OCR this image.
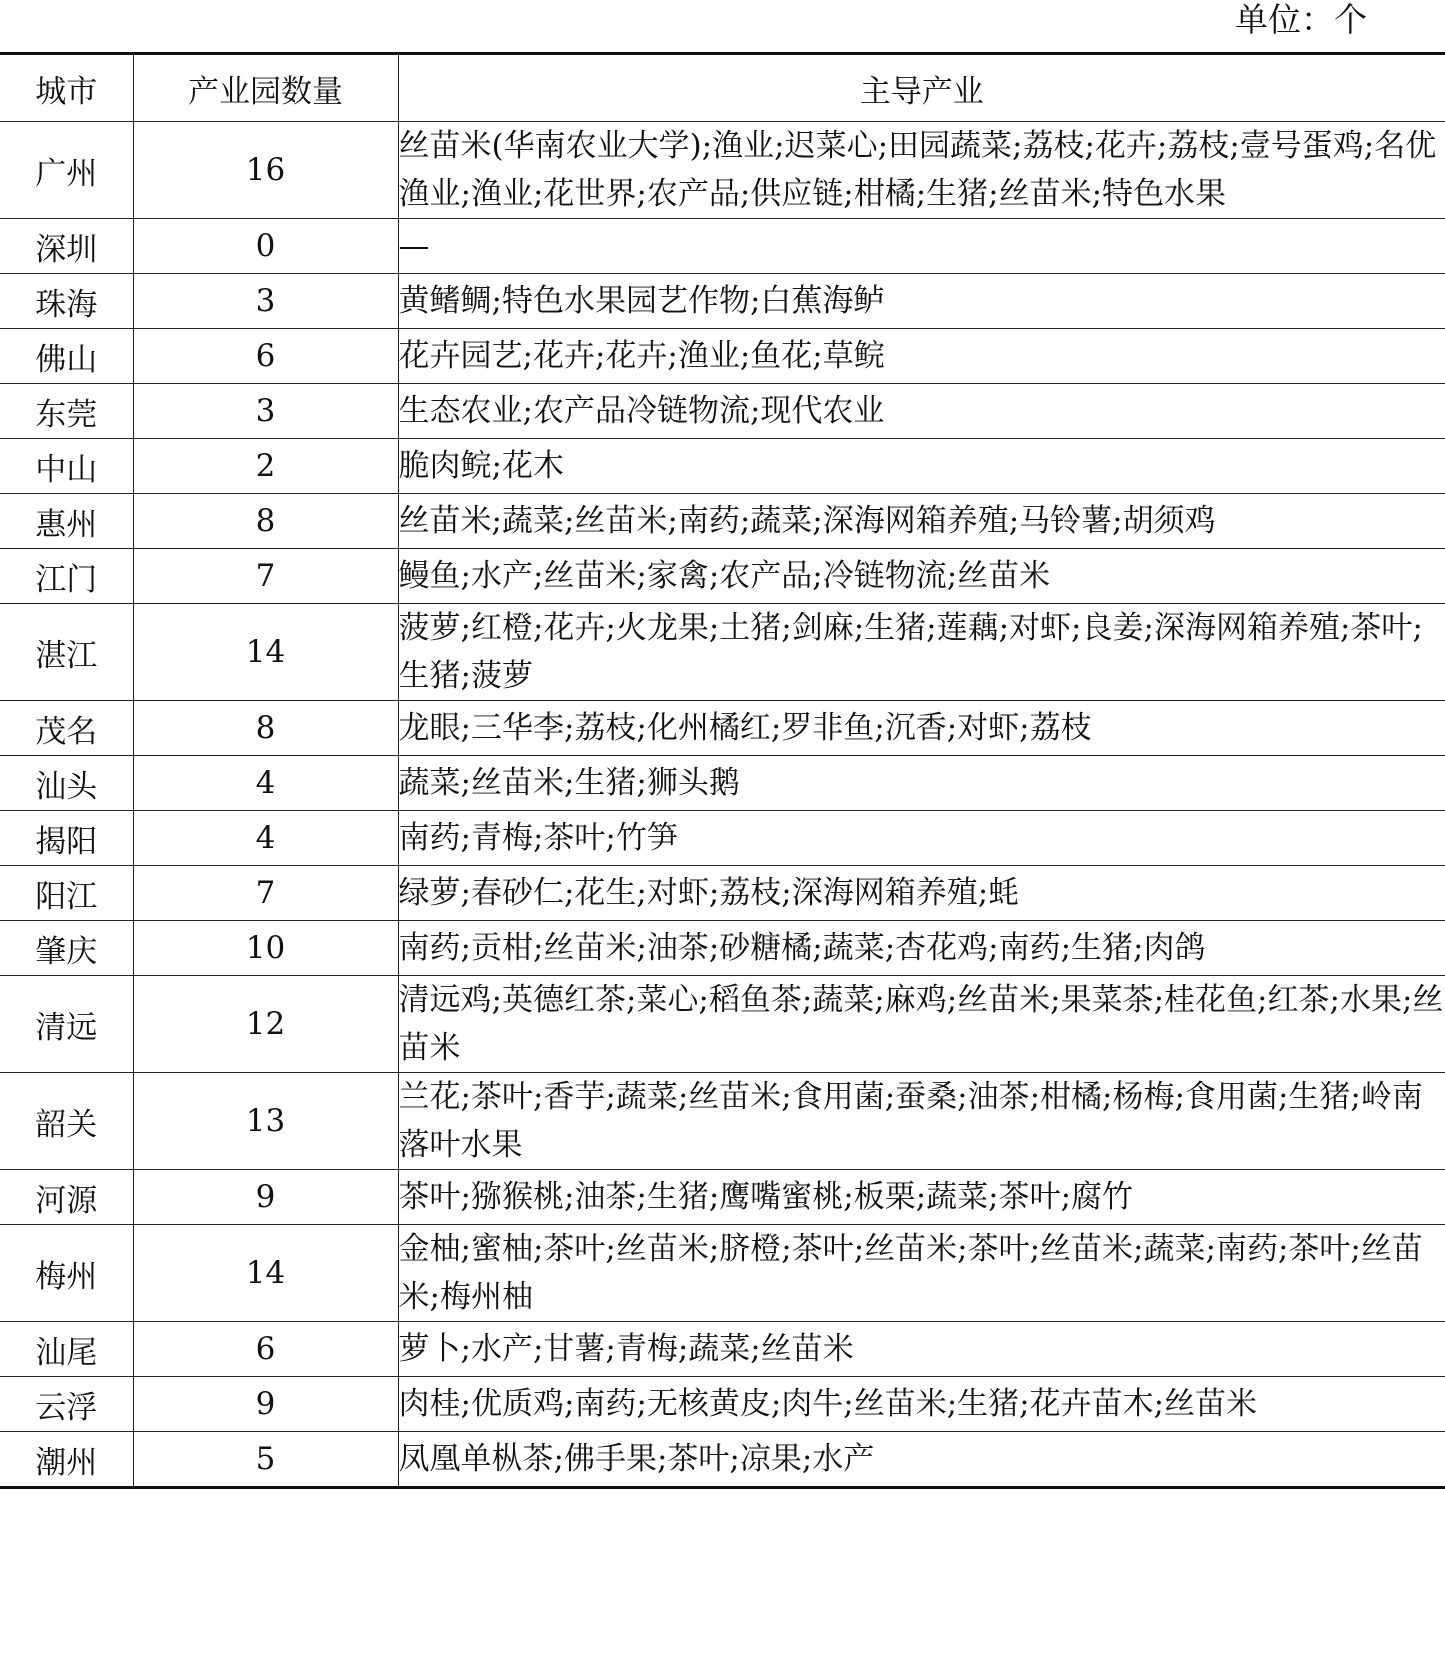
单位：个
城市	产业园数量	主导产业
广州	16	丝苗米(华南农业大学);渔业;迟菜心;田园蔬菜;荔枝;花卉;荔枝;壹号蛋鸡;名优渔业;渔业;花世界;农产品;供应链;柑橘;生猪;丝苗米;特色水果
深圳	0	—
珠海	3	黄鳍鲷;特色水果园艺作物;白蕉海鲈
佛山	6	花卉园艺;花卉;花卉;渔业;鱼花;草鲩
东莞	3	生态农业;农产品冷链物流;现代农业
中山	2	脆肉鲩;花木
惠州	8	丝苗米;蔬菜;丝苗米;南药;蔬菜;深海网箱养殖;马铃薯;胡须鸡
江门	7	鳗鱼;水产;丝苗米;家禽;农产品;冷链物流;丝苗米
湛江	14	菠萝;红橙;花卉;火龙果;土猪;剑麻;生猪;莲藕;对虾;良姜;深海网箱养殖;茶叶;生猪;菠萝
茂名	8	龙眼;三华李;荔枝;化州橘红;罗非鱼;沉香;对虾;荔枝
汕头	4	蔬菜;丝苗米;生猪;狮头鹅
揭阳	4	南药;青梅;茶叶;竹笋
阳江	7	绿萝;春砂仁;花生;对虾;荔枝;深海网箱养殖;蚝
肇庆	10	南药;贡柑;丝苗米;油茶;砂糖橘;蔬菜;杏花鸡;南药;生猪;肉鸽
清远	12	清远鸡;英德红茶;菜心;稻鱼茶;蔬菜;麻鸡;丝苗米;果菜茶;桂花鱼;红茶;水果;丝苗米
韶关	13	兰花;茶叶;香芋;蔬菜;丝苗米;食用菌;蚕桑;油茶;柑橘;杨梅;食用菌;生猪;岭南落叶水果
河源	9	茶叶;猕猴桃;油茶;生猪;鹰嘴蜜桃;板栗;蔬菜;茶叶;腐竹
梅州	14	金柚;蜜柚;茶叶;丝苗米;脐橙;茶叶;丝苗米;茶叶;丝苗米;蔬菜;南药;茶叶;丝苗米;梅州柚
汕尾	6	萝卜;水产;甘薯;青梅;蔬菜;丝苗米
云浮	9	肉桂;优质鸡;南药;无核黄皮;肉牛;丝苗米;生猪;花卉苗木;丝苗米
潮州	5	凤凰单枞茶;佛手果;茶叶;凉果;水产
